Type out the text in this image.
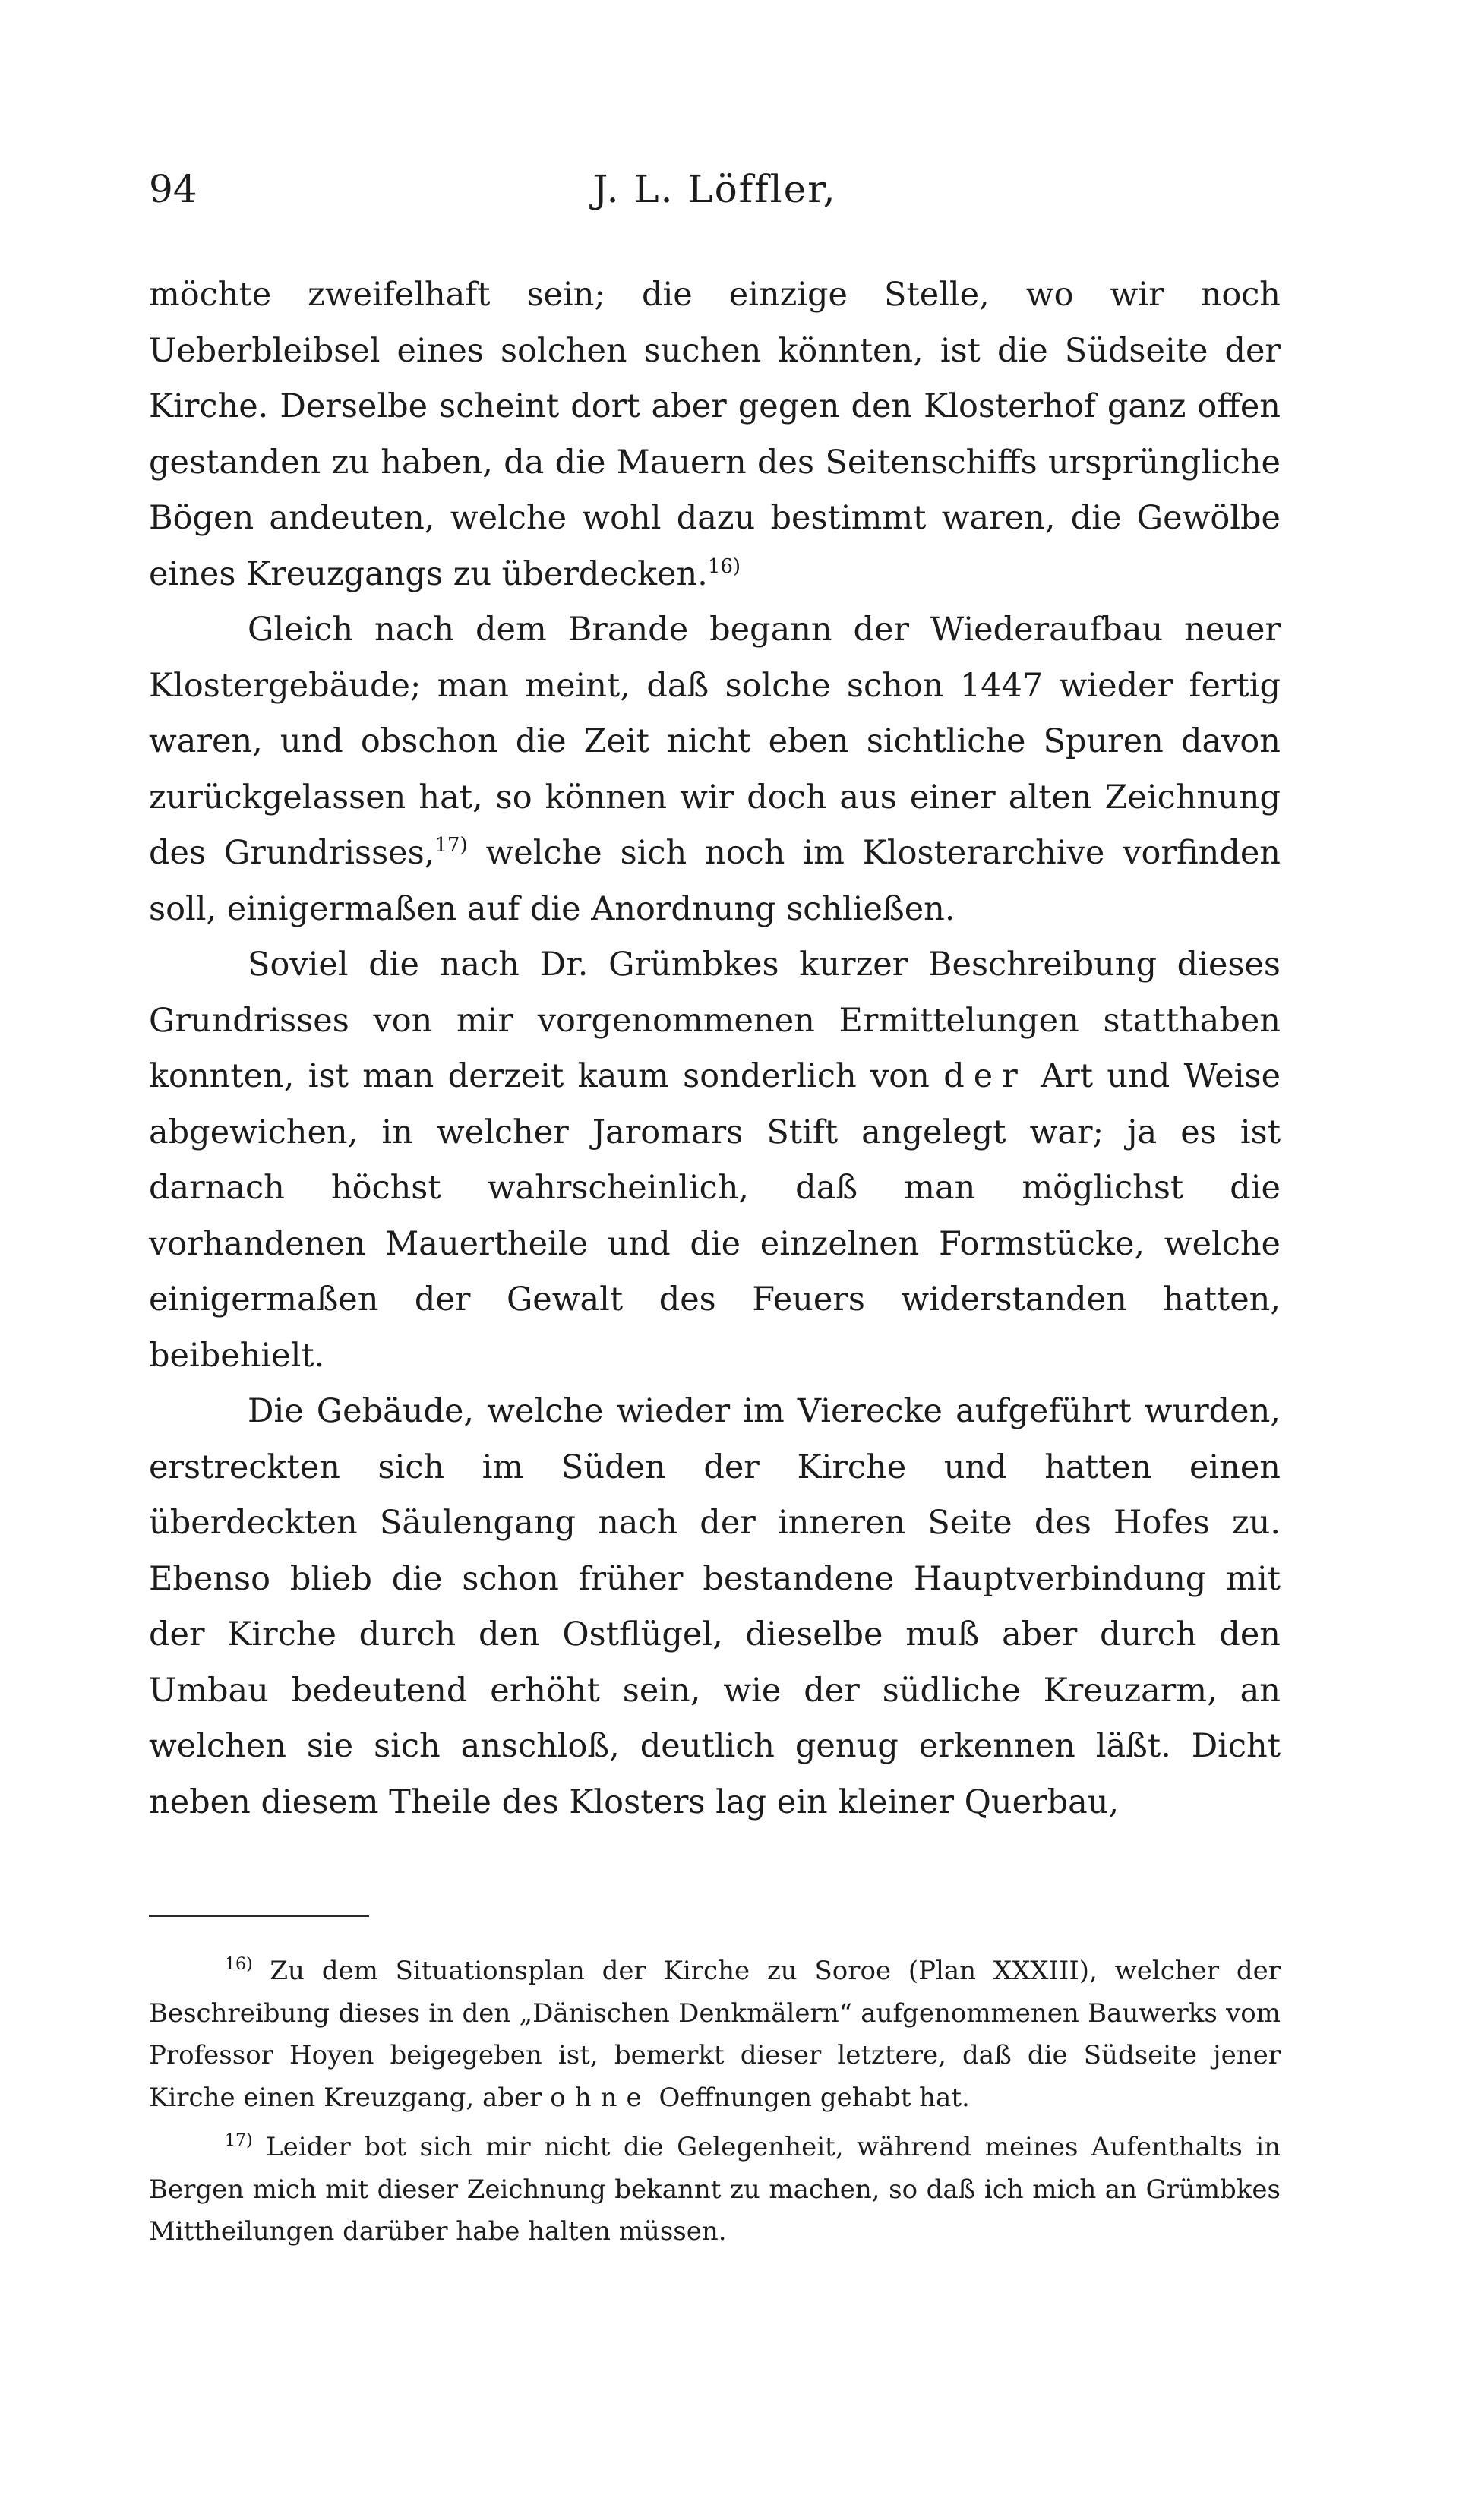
94	J. L. Löffler,

möchte zweifelhaft sein; die einzige Stelle, wo wir noch Ueberbleibsel eines solchen suchen könnten, ist die Südseite der Kirche. Derselbe scheint dort aber gegen den Klosterhof ganz offen gestanden zu haben, da die Mauern des Seitenschiffs ursprüngliche Bögen andeuten, welche wohl dazu bestimmt waren, die Gewölbe eines Kreuzgangs zu überdecken.$^{16)}$

Gleich nach dem Brande begann der Wiederaufbau neuer Klostergebäude; man meint, daß solche schon 1447 wieder fertig waren, und obschon die Zeit nicht eben sichtliche Spuren davon zurückgelassen hat, so können wir doch aus einer alten Zeichnung des Grundrisses,$^{17)}$ welche sich noch im Klosterarchive vorfinden soll, einigermaßen auf die Anordnung schließen.

Soviel die nach Dr. Grümbkes kurzer Beschreibung dieses Grundrisses von mir vorgenommenen Ermittelungen statthaben konnten, ist man derzeit kaum sonderlich von der Art und Weise abgewichen, in welcher Jaromars Stift angelegt war; ja es ist darnach höchst wahrscheinlich, daß man möglichst die vorhandenen Mauertheile und die einzelnen Formstücke, welche einigermaßen der Gewalt des Feuers widerstanden hatten, beibehielt.

Die Gebäude, welche wieder im Vierecke aufgeführt wurden, erstreckten sich im Süden der Kirche und hatten einen überdeckten Säulengang nach der inneren Seite des Hofes zu. Ebenso blieb die schon früher bestandene Hauptverbindung mit der Kirche durch den Ostflügel, dieselbe muß aber durch den Umbau bedeutend erhöht sein, wie der südliche Kreuzarm, an welchen sie sich anschloß, deutlich genug erkennen läßt. Dicht neben diesem Theile des Klosters lag ein kleiner Querbau,

$^{16)}$ Zu dem Situationsplan der Kirche zu Soroe (Plan XXXIII), welcher der Beschreibung dieses in den „Dänischen Denkmälern“ aufgenommenen Bauwerks vom Professor Hoyen beigegeben ist, bemerkt dieser letztere, daß die Südseite jener Kirche einen Kreuzgang, aber ohne Oeffnungen gehabt hat.

$^{17)}$ Leider bot sich mir nicht die Gelegenheit, während meines Aufenthalts in Bergen mich mit dieser Zeichnung bekannt zu machen, so daß ich mich an Grümbkes Mittheilungen darüber habe halten müssen.
